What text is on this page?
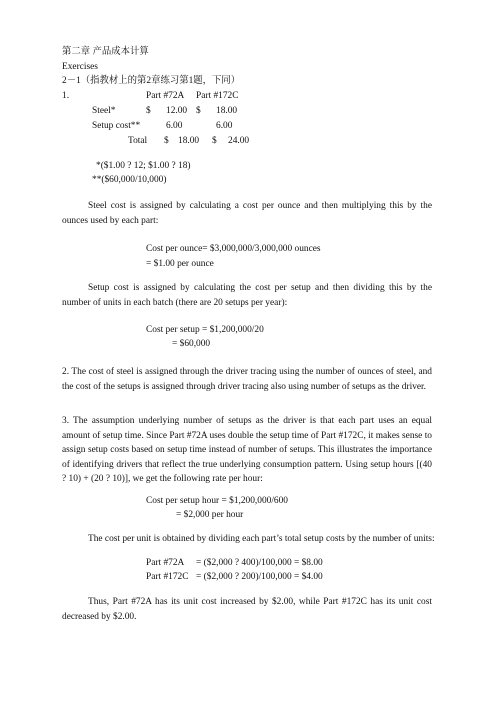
第二章 产品成本计算
Exercises
2－1（指教材上的第2章练习第1题，下同）
1.	Part #72A Part #172C
Steel*	$ 12.00 $ 18.00
Setup cost**	6.00	6.00
Total $ 18.00 $ 24.00
*($1.00 ? 12; $1.00 ? 18)
**($60,000/10,000)
Steel cost is assigned by calculating a cost per ounce and then multiplying this by the ounces used by each part:
Cost per ounce= $3,000,000/3,000,000 ounces
= $1.00 per ounce
Setup cost is assigned by calculating the cost per setup and then dividing this by the number of units in each batch (there are 20 setups per year):
Cost per setup = $1,200,000/20
= $60,000
2. The cost of steel is assigned through the driver tracing using the number of ounces of steel, and the cost of the setups is assigned through driver tracing also using number of setups as the driver.
3. The assumption underlying number of setups as the driver is that each part uses an equal amount of setup time. Since Part #72A uses double the setup time of Part #172C, it makes sense to assign setup costs based on setup time instead of number of setups. This illustrates the importance of identifying drivers that reflect the true underlying consumption pattern. Using setup hours [(40 ? 10) + (20 ? 10)], we get the following rate per hour:
Cost per setup hour = $1,200,000/600
= $2,000 per hour
The cost per unit is obtained by dividing each part’s total setup costs by the number of units:
Part #72A = ($2,000 ? 400)/100,000 = $8.00
Part #172C = ($2,000 ? 200)/100,000 = $4.00
Thus, Part #72A has its unit cost increased by $2.00, while Part #172C has its unit cost decreased by $2.00.
